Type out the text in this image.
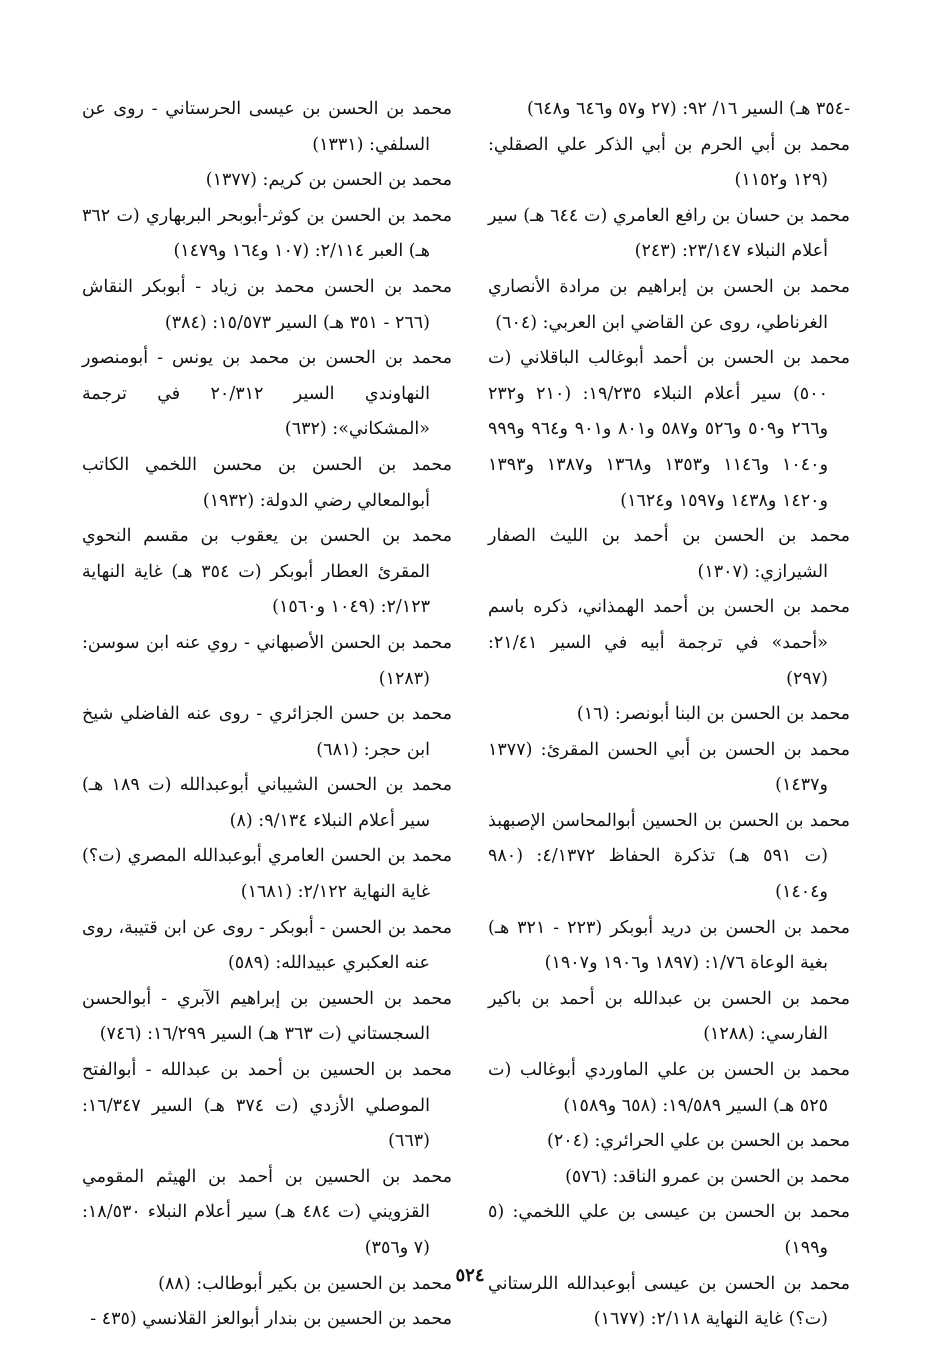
-٣٥٤ هـ) السير ١٦/ ٩٢: (٢٧ و٥٧ و٦٤٦ و٦٤٨)

محمد بن أبي الحرم بن أبي الذكر علي الصقلي: (١٢٩ و١١٥٢)

محمد بن حسان بن رافع العامري (ت ٦٤٤ هـ) سير أعلام النبلاء ٢٣/١٤٧: (٢٤٣)

محمد بن الحسن بن إبراهيم بن مرادة الأنصاري الغرناطي، روى عن القاضي ابن العربي: (٦٠٤)

محمد بن الحسن بن أحمد أبوغالب الباقلاني (ت ٥٠٠) سير أعلام النبلاء ١٩/٢٣٥: (٢١٠ و٢٣٢ و٢٦٦ و٥٠٩ و٥٢٦ و٥٨٧ و٨٠١ و٩٠١ و٩٦٤ و٩٩٩ و١٠٤٠ و١١٤٦ و١٣٥٣ و١٣٦٨ و١٣٨٧ و١٣٩٣ و١٤٢٠ و١٤٣٨ و١٥٩٧ و١٦٢٤)

محمد بن الحسن بن أحمد بن الليث الصفار الشيرازي: (١٣٠٧)

محمد بن الحسن بن أحمد الهمذاني، ذكره باسم «أحمد» في ترجمة أبيه في السير ٢١/٤١: (٢٩٧)

محمد بن الحسن بن البنا أبونصر: (١٦)

محمد بن الحسن بن أبي الحسن المقرئ: (١٣٧٧ و١٤٣٧)

محمد بن الحسن بن الحسين أبوالمحاسن الإصبهبذ (ت ٥٩١ هـ) تذكرة الحفاظ ٤/١٣٧٢: (٩٨٠ و١٤٠٤)

محمد بن الحسن بن دريد أبوبكر (٢٢٣ - ٣٢١ هـ) بغية الوعاة ١/٧٦: (١٨٩٧ و١٩٠٦ و١٩٠٧)

محمد بن الحسن بن عبدالله بن أحمد بن باكير الفارسي: (١٢٨٨)

محمد بن الحسن بن علي الماوردي أبوغالب (ت ٥٢٥ هـ) السير ١٩/٥٨٩: (٦٥٨ و١٥٨٩)

محمد بن الحسن بن علي الحرائري: (٢٠٤)

محمد بن الحسن بن عمرو الناقد: (٥٧٦)

محمد بن الحسن بن عيسى بن علي اللخمي: (٥ و١٩٩)

محمد بن الحسن بن عيسى أبوعبدالله اللرستاني (ت؟) غاية النهاية ٢/١١٨: (١٦٧٧)

محمد بن الحسن بن عيسى الحرستاني - روى عن السلفي: (١٣٣١)

محمد بن الحسن بن كريم: (١٣٧٧)

محمد بن الحسن بن كوثر-أبوبحر البربهاري (ت ٣٦٢ هـ) العبر ٢/١١٤: (١٠٧ و١٦٤ و١٤٧٩)

محمد بن الحسن محمد بن زياد - أبوبكر النقاش (٢٦٦ - ٣٥١ هـ) السير ١٥/٥٧٣: (٣٨٤)

محمد بن الحسن بن محمد بن يونس - أبومنصور النهاوندي السير ٢٠/٣١٢ في ترجمة «المشكاني»: (٦٣٢)

محمد بن الحسن بن محسن اللخمي الكاتب أبوالمعالي رضي الدولة: (١٩٣٢)

محمد بن الحسن بن يعقوب بن مقسم النحوي المقرئ العطار أبوبكر (ت ٣٥٤ هـ) غاية النهاية ٢/١٢٣: (١٠٤٩ و١٥٦٠)

محمد بن الحسن الأصبهاني - روي عنه ابن سوسن: (١٢٨٣)

محمد بن حسن الجزائري - روى عنه الفاضلي شيخ ابن حجر: (٦٨١)

محمد بن الحسن الشيباني أبوعبدالله (ت ١٨٩ هـ) سير أعلام النبلاء ٩/١٣٤: (٨)

محمد بن الحسن العامري أبوعبدالله المصري (ت؟) غاية النهاية ٢/١٢٢: (١٦٨١)

محمد بن الحسن - أبوبكر - روى عن ابن قتيبة، روى عنه العكبري عبيدالله: (٥٨٩)

محمد بن الحسين بن إبراهيم الآبري - أبوالحسن السجستاني (ت ٣٦٣ هـ) السير ١٦/٢٩٩: (٧٤٦)

محمد بن الحسين بن أحمد بن عبدالله - أبوالفتح الموصلي الأزدي (ت ٣٧٤ هـ) السير ١٦/٣٤٧: (٦٦٣)

محمد بن الحسين بن أحمد بن الهيثم المقومي القزويني (ت ٤٨٤ هـ) سير أعلام النبلاء ١٨/٥٣٠: (٧ و٣٥٦)

محمد بن الحسين بن بكير أبوطالب: (٨٨)

محمد بن الحسين بن بندار أبوالعز القلانسي (٤٣٥ -

٥٢٤
